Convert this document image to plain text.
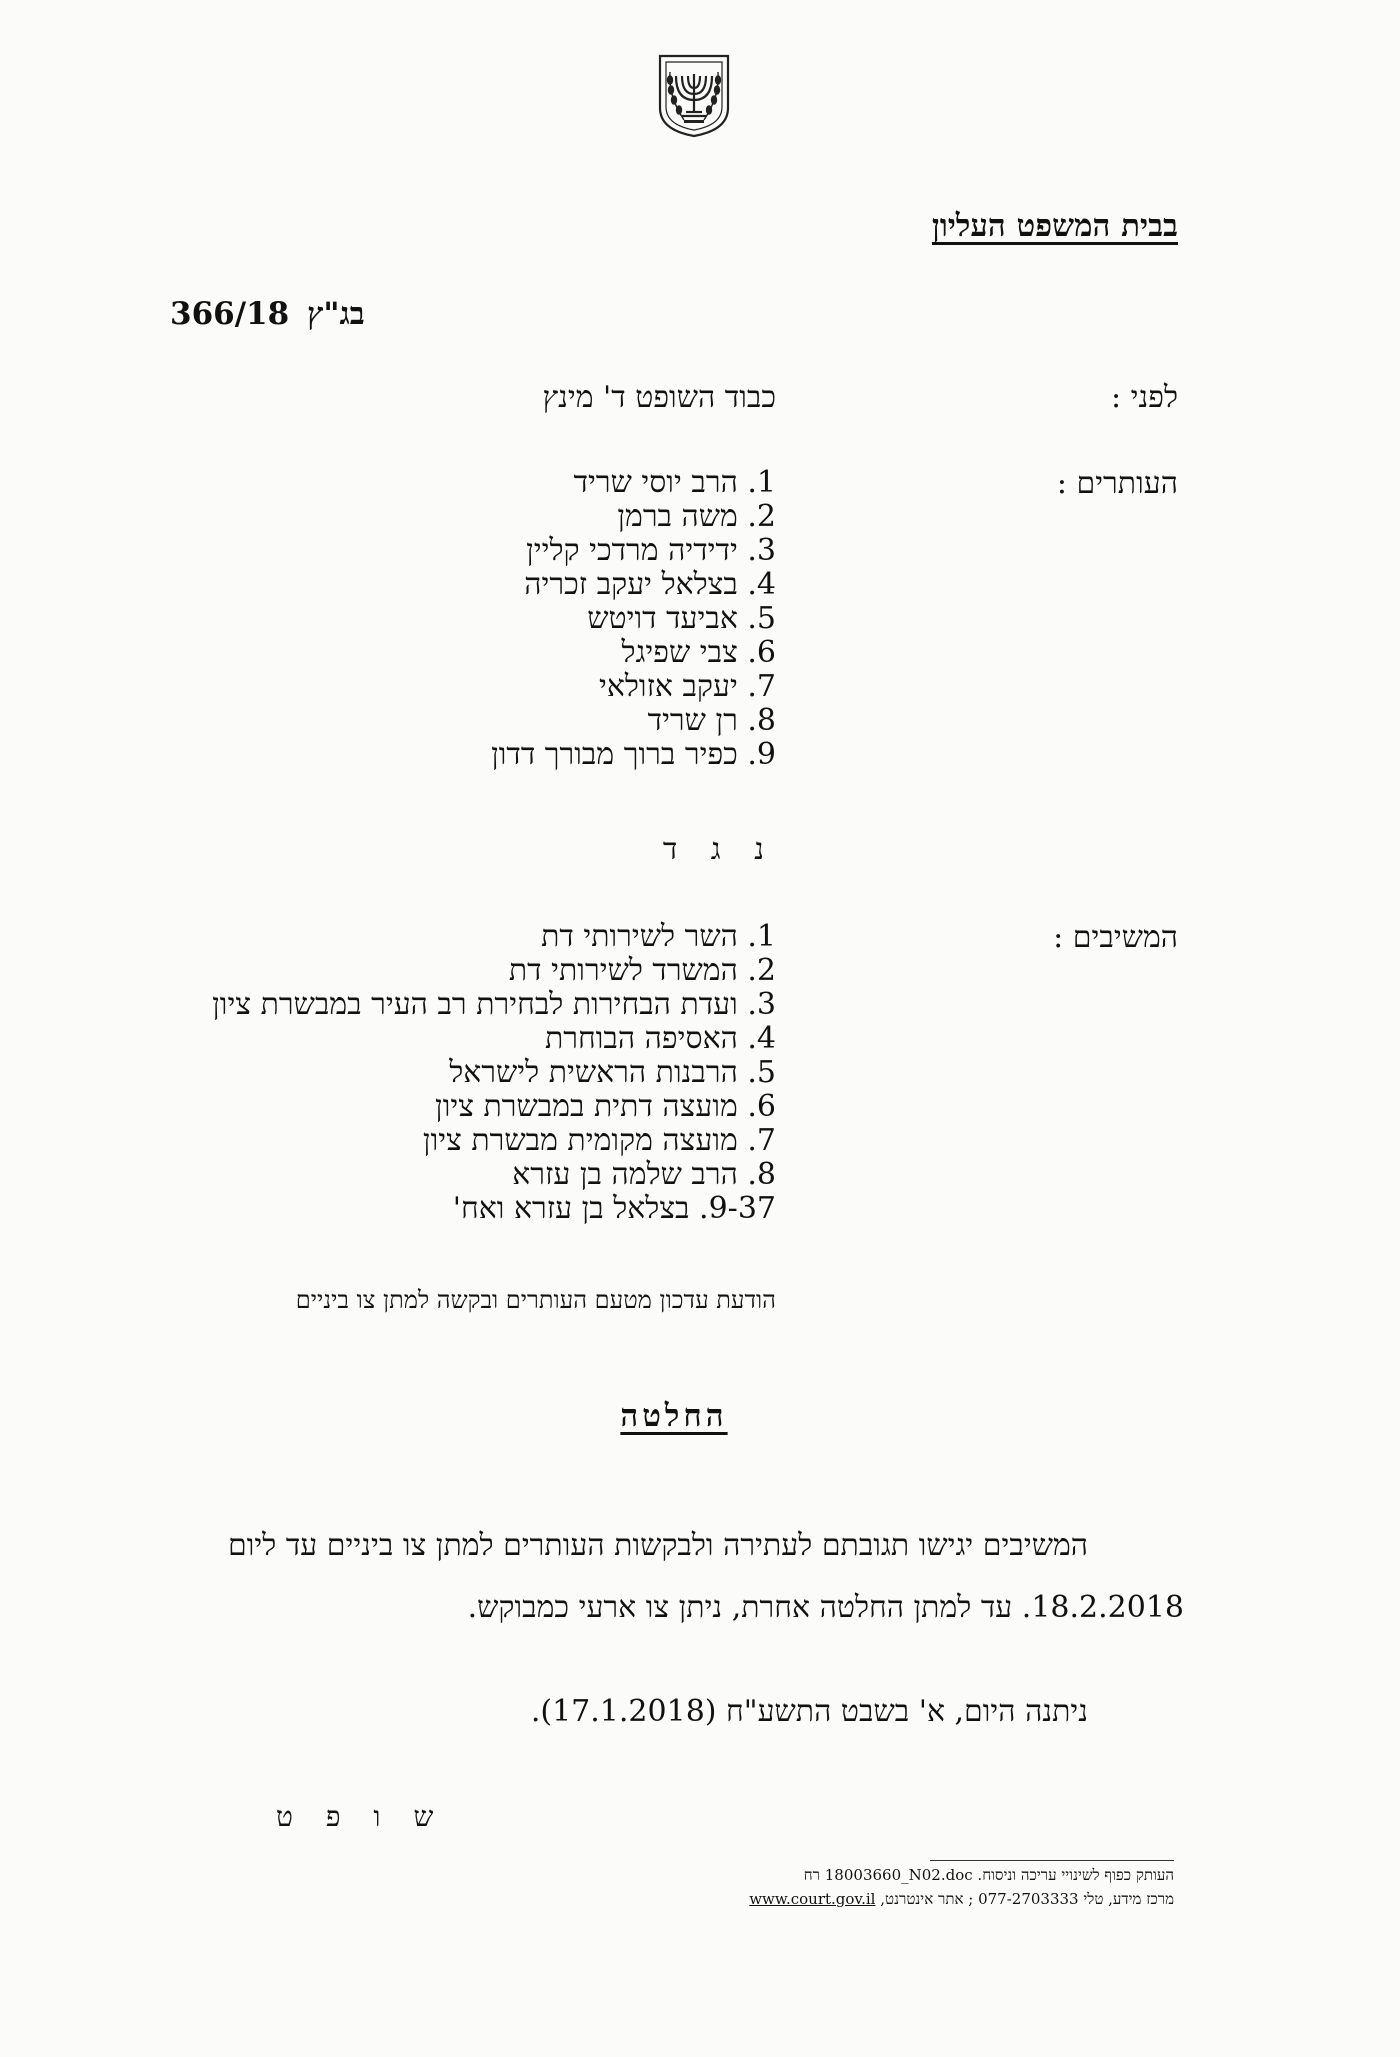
בבית המשפט העליון
בג"ץ366/18
לפני :
כבוד השופט ד' מינץ
העותרים :
1. הרב יוסי שריד
2. משה ברמן
3. ידידיה מרדכי קליין
4. בצלאל יעקב זכריה
5. אביעד דויטש
6. צבי שפיגל
7. יעקב אזולאי
8. רן שריד
9. כפיר ברוך מבורך דדון
נ ג ד
המשיבים :
1. השר לשירותי דת
2. המשרד לשירותי דת
3. ועדת הבחירות לבחירת רב העיר במבשרת ציון
4. האסיפה הבוחרת
5. הרבנות הראשית לישראל
6. מועצה דתית במבשרת ציון
7. מועצה מקומית מבשרת ציון
8. הרב שלמה בן עזרא
9-37. בצלאל בן עזרא ואח'
הודעת עדכון מטעם העותרים ובקשה למתן צו ביניים
החלטה
המשיבים יגישו תגובתם לעתירה ולבקשות העותרים למתן צו ביניים עד ליום
18.2.2018. עד למתן החלטה אחרת, ניתן צו ארעי כמבוקש.
ניתנה היום, א' בשבט התשע"ח (17.1.2018).
ש ו פ ט
העותק כפוף לשינויי עריכה וניסוח. 18003660_N02.doc רח
מרכז מידע, טלי 077-2703333 ; אתר אינטרנט, www.court.gov.il
